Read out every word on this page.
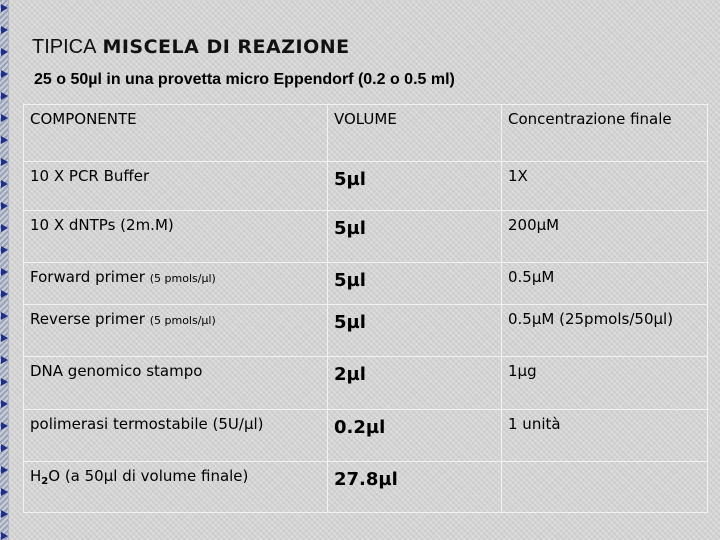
TIPICA MISCELA DI REAZIONE
25 o 50µl in una provetta micro Eppendorf (0.2 o 0.5 ml)
COMPONENTE	VOLUME	Concentrazione finale
10 X PCR Buffer	5µl	1X
10 X dNTPs (2m.M)	5µl	200µM
Forward primer (5 pmols/µl)	5µl	0.5µM
Reverse primer (5 pmols/µl)	5µl	0.5µM (25pmols/50µl)
DNA genomico stampo	2µl	1µg
polimerasi termostabile (5U/µl)	0.2µl	1 unità
$H_2O$ (a 50µl di volume finale)	27.8µl	
